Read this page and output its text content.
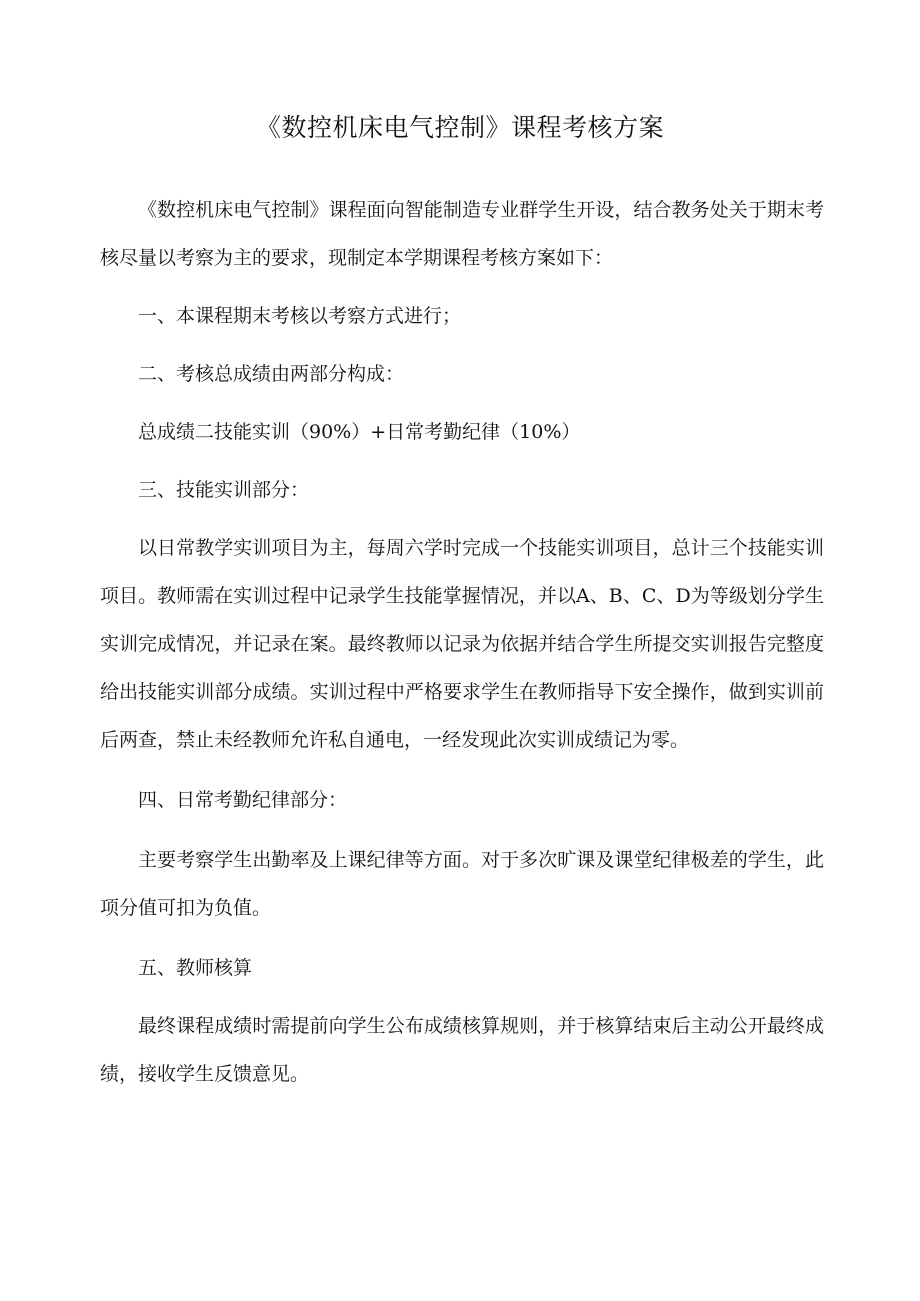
《数控机床电气控制》课程考核方案

《数控机床电气控制》课程面向智能制造专业群学生开设，结合教务处关于期末考核尽量以考察为主的要求，现制定本学期课程考核方案如下：

一、本课程期末考核以考察方式进行；

二、考核总成绩由两部分构成：

总成绩二技能实训（90%）+日常考勤纪律（10%）

三、技能实训部分：

以日常教学实训项目为主，每周六学时完成一个技能实训项目，总计三个技能实训项目。教师需在实训过程中记录学生技能掌握情况，并以A、B、C、D为等级划分学生实训完成情况，并记录在案。最终教师以记录为依据并结合学生所提交实训报告完整度给出技能实训部分成绩。实训过程中严格要求学生在教师指导下安全操作，做到实训前后两查，禁止未经教师允许私自通电，一经发现此次实训成绩记为零。

四、日常考勤纪律部分：

主要考察学生出勤率及上课纪律等方面。对于多次旷课及课堂纪律极差的学生，此项分值可扣为负值。

五、教师核算

最终课程成绩时需提前向学生公布成绩核算规则，并于核算结束后主动公开最终成绩，接收学生反馈意见。
